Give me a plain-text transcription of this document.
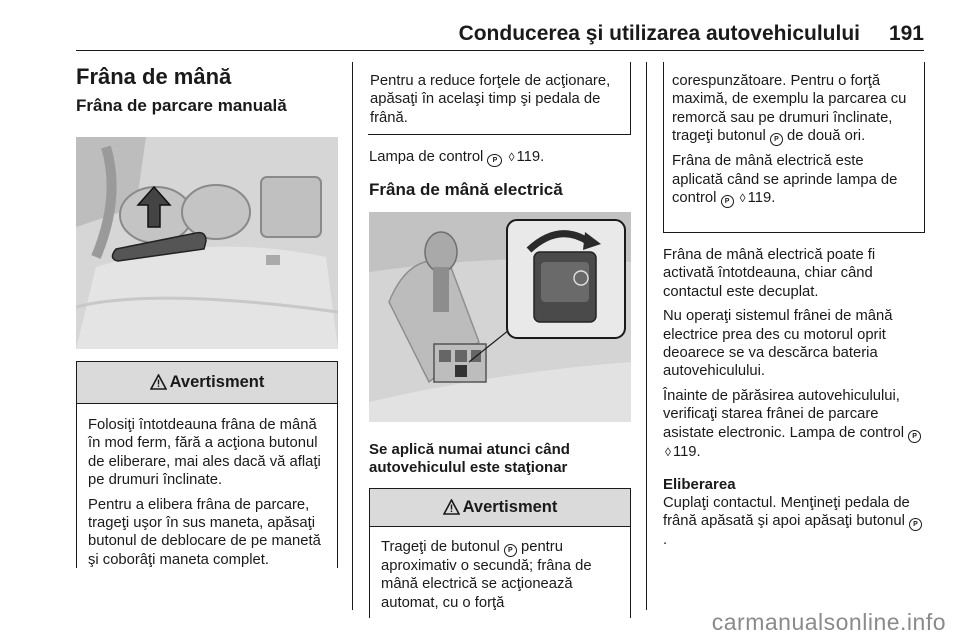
Conducerea şi utilizarea autovehiculului 191
Frâna de mână
Frâna de parcare manuală
Avertisment

Folosiţi întotdeauna frâna de mână în mod ferm, fără a acţiona butonul de eliberare, mai ales dacă vă aflaţi pe drumuri înclinate.

Pentru a elibera frâna de parcare, trageţi uşor în sus maneta, apăsaţi butonul de deblocare de pe manetă şi coborâţi maneta complet.

Pentru a reduce forţele de acţionare, apăsaţi în acelaşi timp şi pedala de frână.

Lampa de control P ◊ 119.

Frâna de mână electrică
Se aplică numai atunci când autovehiculul este staţionar
Avertisment

Trageţi de butonul P pentru aproximativ o secundă; frâna de mână electrică se acţionează automat, cu o forţă

corespunzătoare. Pentru o forţă maximă, de exemplu la parcarea cu remorcă sau pe drumuri înclinate, trageţi butonul P de două ori.

Frâna de mână electrică este aplicată când se aprinde lampa de control P ◊ 119.

Frâna de mână electrică poate fi activată întotdeauna, chiar când contactul este decuplat.

Nu operaţi sistemul frânei de mână electrice prea des cu motorul oprit deoarece se va descărca bateria autovehiculului.

Înainte de părăsirea autovehiculului, verificaţi starea frânei de parcare asistate electronic. Lampa de control P ◊ 119.

Eliberarea

Cuplaţi contactul. Menţineţi pedala de frână apăsată şi apoi apăsaţi butonul P.

carmanualsonline.info
